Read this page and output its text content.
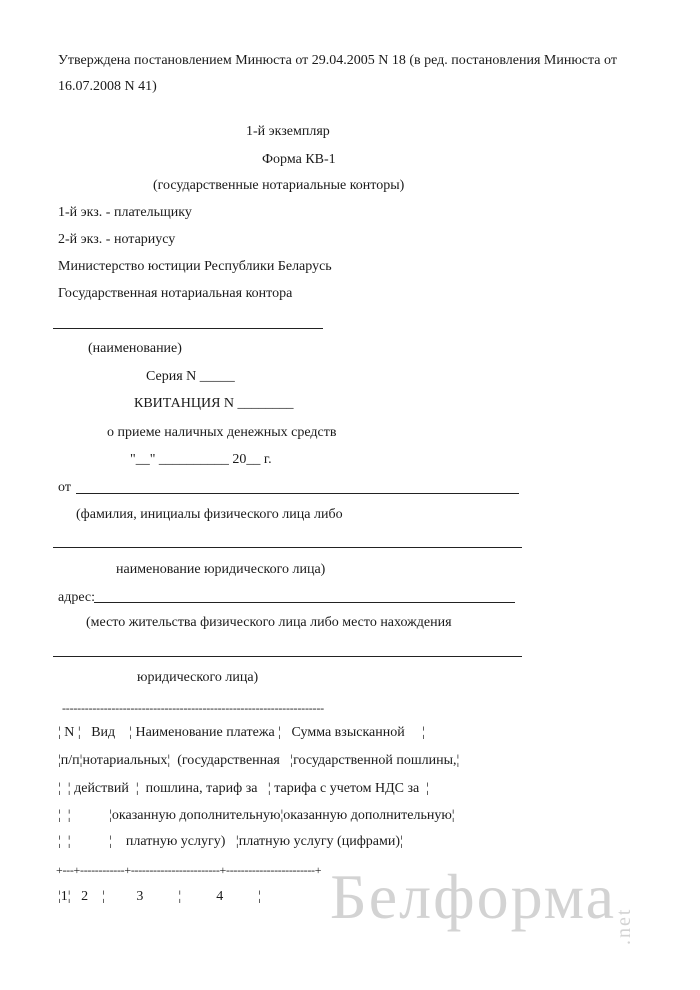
Утверждена постановлением Минюста от 29.04.2005 N 18 (в ред. постановления Минюста от
16.07.2008 N 41)
1-й экземпляр
Форма КВ-1
(государственные нотариальные конторы)
1-й экз. - плательщику
2-й экз. - нотариусу
Министерство юстиции Республики Беларусь
Государственная нотариальная контора
(наименование)
Серия N _____
КВИТАНЦИЯ N ________
о приеме наличных денежных средств
"__" __________ 20__ г.
от
(фамилия, инициалы физического лица либо
наименование юридического лица)
адрес:
(место жительства физического лица либо место нахождения
юридического лица)
---------------------------------------------------------------------
¦ N ¦   Вид    ¦ Наименование платежа ¦   Сумма взысканной     ¦
¦п/п¦нотариальных¦  (государственная   ¦государственной пошлины,¦
¦  ¦ действий  ¦  пошлина, тариф за   ¦ тарифа с учетом НДС за  ¦
¦  ¦           ¦оказанную дополнительную¦оказанную дополнительную¦
¦  ¦           ¦    платную услугу)   ¦платную услугу (цифрами)¦
+---+------------+------------------------+------------------------+
¦1¦   2    ¦         3          ¦          4          ¦ Белформа
.net
